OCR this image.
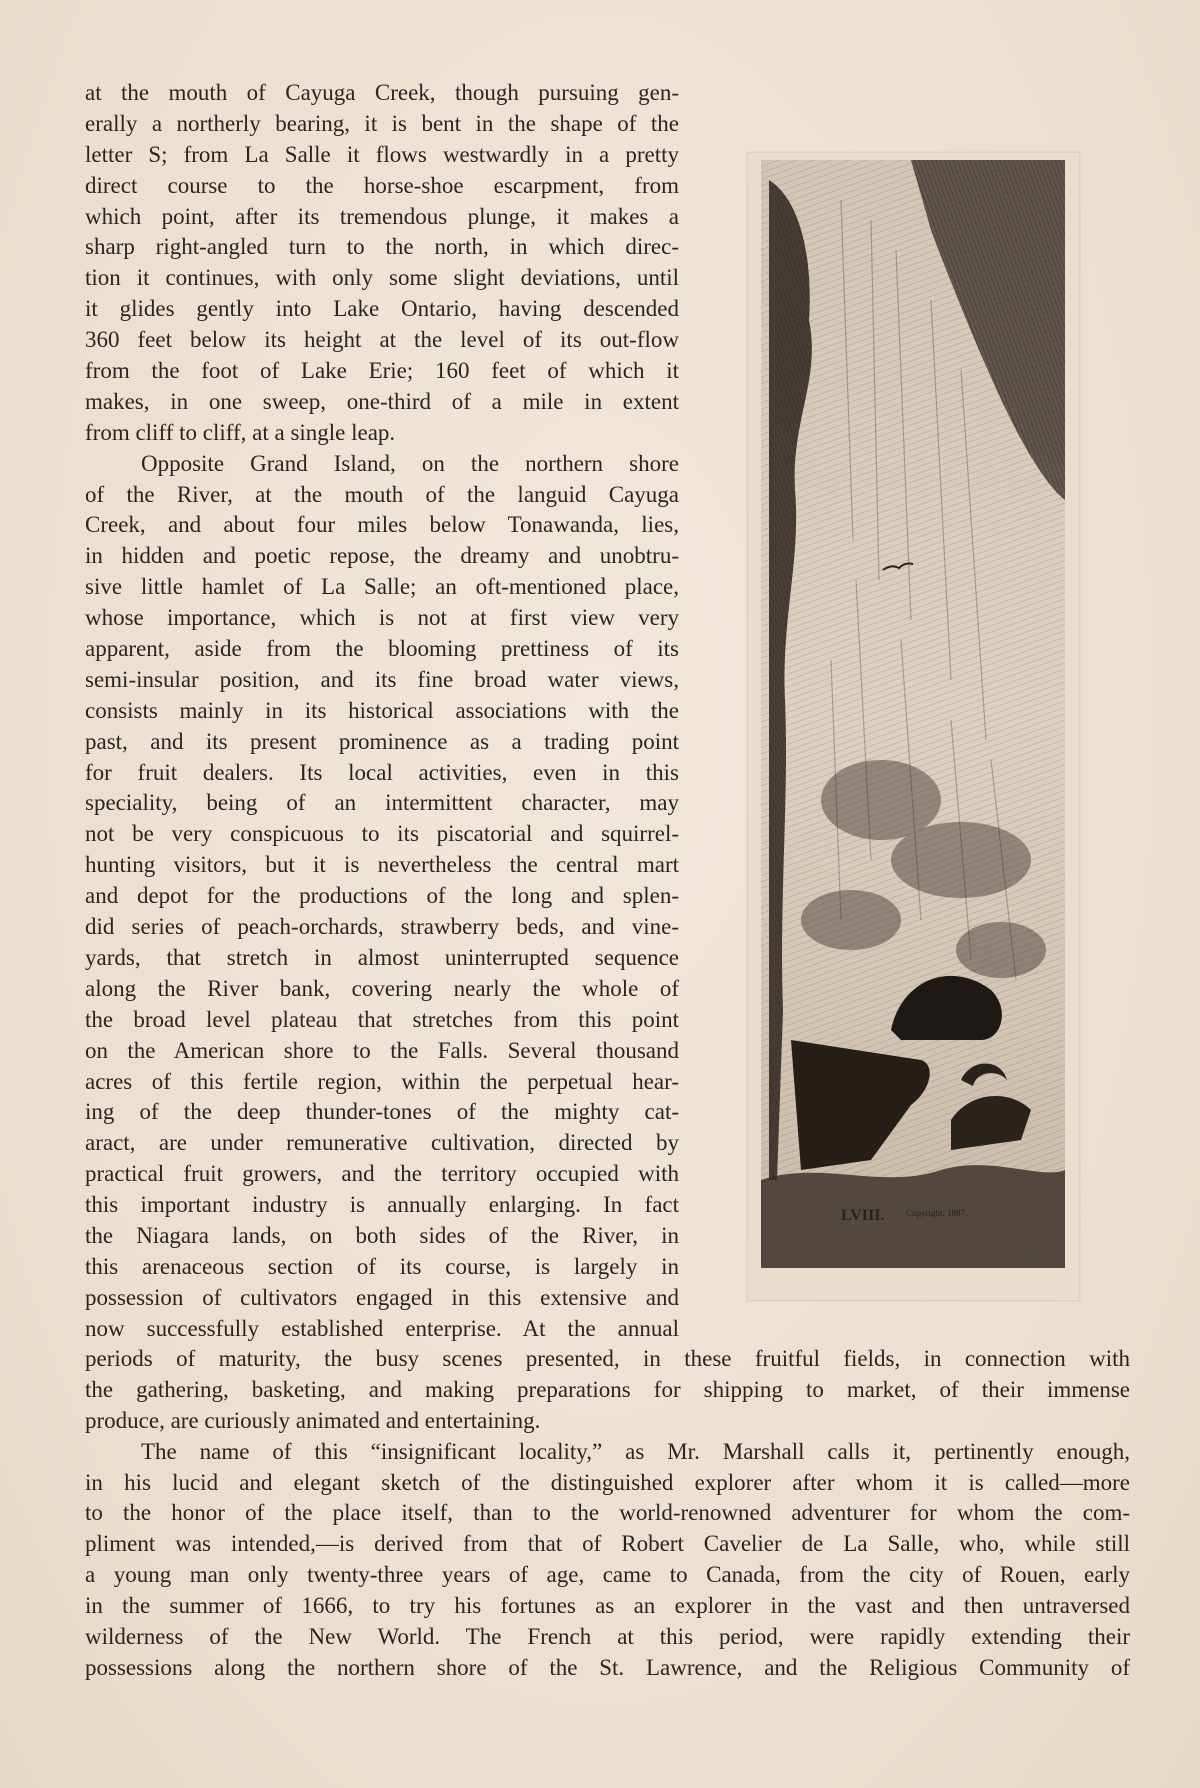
at the mouth of Cayuga Creek, though pursuing gen-
erally a northerly bearing, it is bent in the shape of the
letter S; from La Salle it flows westwardly in a pretty
direct course to the horse-shoe escarpment, from
which point, after its tremendous plunge, it makes a
sharp right-angled turn to the north, in which direc-
tion it continues, with only some slight deviations, until
it glides gently into Lake Ontario, having descended
360 feet below its height at the level of its out-flow
from the foot of Lake Erie; 160 feet of which it
makes, in one sweep, one-third of a mile in extent
from cliff to cliff, at a single leap.
Opposite Grand Island, on the northern shore
of the River, at the mouth of the languid Cayuga
Creek, and about four miles below Tonawanda, lies,
in hidden and poetic repose, the dreamy and unobtru-
sive little hamlet of La Salle; an oft-mentioned place,
whose importance, which is not at first view very
apparent, aside from the blooming prettiness of its
semi-insular position, and its fine broad water views,
consists mainly in its historical associations with the
past, and its present prominence as a trading point
for fruit dealers. Its local activities, even in this
speciality, being of an intermittent character, may
not be very conspicuous to its piscatorial and squirrel-
hunting visitors, but it is nevertheless the central mart
and depot for the productions of the long and splen-
did series of peach-orchards, strawberry beds, and vine-
yards, that stretch in almost uninterrupted sequence
along the River bank, covering nearly the whole of
the broad level plateau that stretches from this point
on the American shore to the Falls. Several thousand
acres of this fertile region, within the perpetual hear-
ing of the deep thunder-tones of the mighty cat-
aract, are under remunerative cultivation, directed by
practical fruit growers, and the territory occupied with
this important industry is annually enlarging. In fact
the Niagara lands, on both sides of the River, in
this arenaceous section of its course, is largely in
possession of cultivators engaged in this extensive and
now successfully established enterprise. At the annual
periods of maturity, the busy scenes presented, in these fruitful fields, in connection with
the gathering, basketing, and making preparations for shipping to market, of their immense
produce, are curiously animated and entertaining.
The name of this “insignificant locality,” as Mr. Marshall calls it, pertinently enough,
in his lucid and elegant sketch of the distinguished explorer after whom it is called—more
to the honor of the place itself, than to the world-renowned adventurer for whom the com-
pliment was intended,—is derived from that of Robert Cavelier de La Salle, who, while still
a young man only twenty-three years of age, came to Canada, from the city of Rouen, early
in the summer of 1666, to try his fortunes as an explorer in the vast and then untraversed
wilderness of the New World. The French at this period, were rapidly extending their
possessions along the northern shore of the St. Lawrence, and the Religious Community of
LVIII. Copyright. 1887.
